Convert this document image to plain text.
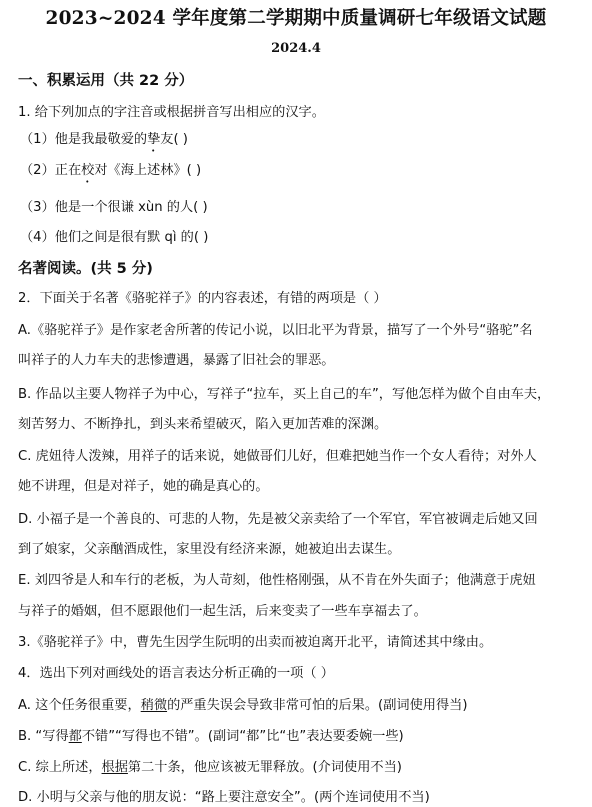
2023~2024 学年度第二学期期中质量调研七年级语文试题
2024.4
一、积累运用（共 22 分）
1. 给下列加点的字注音或根据拼音写出相应的汉字。
（1）他是我最敬爱的挚友( )
（2）正在校对《海上述林》( )
（3）他是一个很谦 xùn 的人( )
（4）他们之间是很有默 qì 的( )
名著阅读。(共 5 分)
2．下面关于名著《骆驼祥子》的内容表述，有错的两项是（ ）
A.《骆驼祥子》是作家老舍所著的传记小说，以旧北平为背景，描写了一个外号“骆驼”名
叫祥子的人力车夫的悲惨遭遇，暴露了旧社会的罪恶。
B. 作品以主要人物祥子为中心，写祥子“拉车，买上自己的车”，写他怎样为做个自由车夫，
刻苦努力、不断挣扎，到头来希望破灭，陷入更加苦难的深渊。
C. 虎妞待人泼辣，用祥子的话来说，她做哥们儿好，但难把她当作一个女人看待；对外人
她不讲理，但是对祥子，她的确是真心的。
D. 小福子是一个善良的、可悲的人物，先是被父亲卖给了一个军官，军官被调走后她又回
到了娘家，父亲酗酒成性，家里没有经济来源，她被迫出去谋生。
E. 刘四爷是人和车行的老板，为人苛刻，他性格刚强，从不肯在外失面子；他满意于虎妞
与祥子的婚姻，但不愿跟他们一起生活，后来变卖了一些车享福去了。
3.《骆驼祥子》中，曹先生因学生阮明的出卖而被迫离开北平，请简述其中缘由。
4．选出下列对画线处的语言表达分析正确的一项（ ）
A. 这个任务很重要，稍微的严重失误会导致非常可怕的后果。(副词使用得当)
B. “写得都不错”“写得也不错”。(副词“都”比“也”表达要委婉一些)
C. 综上所述，根据第二十条，他应该被无罪释放。(介词使用不当)
D. 小明与父亲与他的朋友说：“路上要注意安全”。(两个连词使用不当)
